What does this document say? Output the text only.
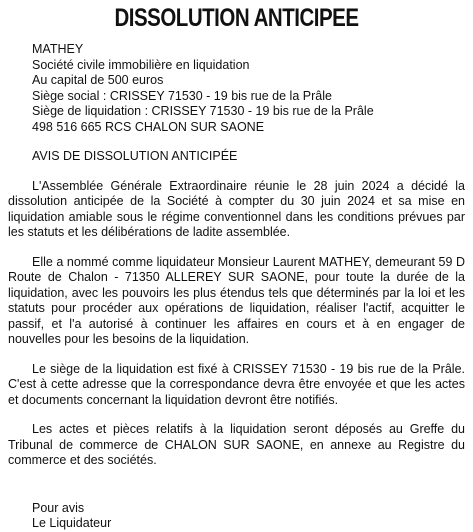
DISSOLUTION ANTICIPEE
MATHEY
Société civile immobilière en liquidation
Au capital de 500 euros
Siège social : CRISSEY 71530 - 19 bis rue de la Prâle
Siège de liquidation : CRISSEY 71530 - 19 bis rue de la Prâle
498 516 665 RCS CHALON SUR SAONE
AVIS DE DISSOLUTION ANTICIPÉE

L'Assemblée Générale Extraordinaire réunie le 28 juin 2024 a décidé la dissolution anticipée de la Société à compter du 30 juin 2024 et sa mise en liquidation amiable sous le régime conventionnel dans les conditions prévues par les statuts et les délibérations de ladite assemblée.

Elle a nommé comme liquidateur Monsieur Laurent MATHEY, demeurant 59 D Route de Chalon - 71350 ALLEREY SUR SAONE, pour toute la durée de la liquidation, avec les pouvoirs les plus étendus tels que déterminés par la loi et les statuts pour procéder aux opérations de liquidation, réaliser l'actif, acquitter le passif, et l'a autorisé à continuer les affaires en cours et à en engager de nouvelles pour les besoins de la liquidation.

Le siège de la liquidation est fixé à CRISSEY 71530 - 19 bis rue de la Prâle. C'est à cette adresse que la correspondance devra être envoyée et que les actes et documents concernant la liquidation devront être notifiés.

Les actes et pièces relatifs à la liquidation seront déposés au Greffe du Tribunal de commerce de CHALON SUR SAONE, en annexe au Registre du commerce et des sociétés.

Pour avis
Le Liquidateur
